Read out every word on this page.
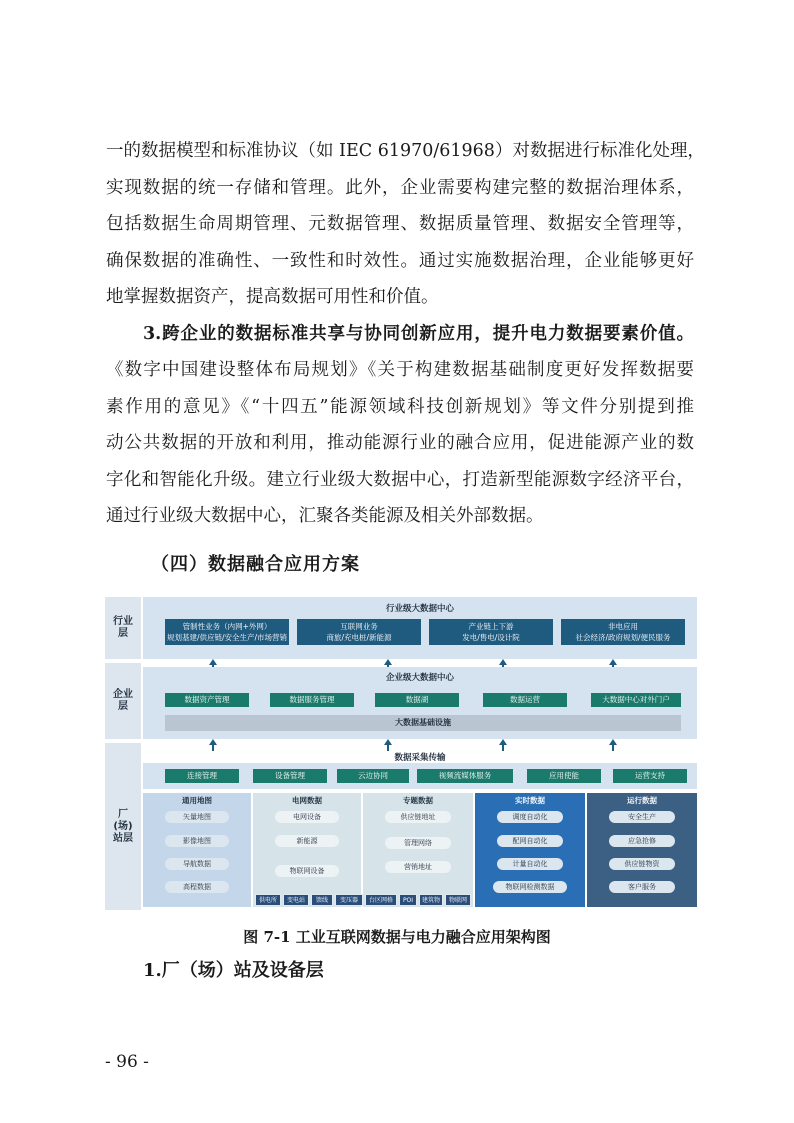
一的数据模型和标准协议（如 IEC 61970/61968）对数据进行标准化处理，
实现数据的统一存储和管理。此外，企业需要构建完整的数据治理体系，
包括数据生命周期管理、元数据管理、数据质量管理、数据安全管理等，
确保数据的准确性、一致性和时效性。通过实施数据治理，企业能够更好
地掌握数据资产，提高数据可用性和价值。
3.跨企业的数据标准共享与协同创新应用，提升电力数据要素价值。
《数字中国建设整体布局规划》《关于构建数据基础制度更好发挥数据要
素作用的意见》《“十四五”能源领域科技创新规划》等文件分别提到推
动公共数据的开放和利用，推动能源行业的融合应用，促进能源产业的数
字化和智能化升级。建立行业级大数据中心，打造新型能源数字经济平台，
通过行业级大数据中心，汇聚各类能源及相关外部数据。
（四）数据融合应用方案
行业
层
企业
层
厂
(场)
站层
行业级大数据中心
管制性业务（内网+外网）
规划基建/供应链/安全生产/市场营销
互联网业务
商旅/充电桩/新能源
产业链上下游
发电/售电/设计院
非电应用
社会经济/政府规划/便民服务
企业级大数据中心
数据资产管理	数据服务管理	数据湖	数据运营	大数据中心对外门户
大数据基础设施
数据采集传输
连接管理	设备管理	云边协同	视频流媒体服务	应用使能	运营支持
通用地图
矢量地图
影像地图
导航数据
高程数据
电网数据
电网设备
新能源
物联网设备
专题数据
供应链地址
管理网络
营销地址
实时数据
调度自动化
配网自动化
计量自动化
物联网检测数据
运行数据
安全生产
应急抢修
供应链物资
客户服务
供电所	变电站	馈线	变压器	台区网格	POI	建筑物	物联网
图 7-1 工业互联网数据与电力融合应用架构图
1.厂（场）站及设备层
- 96 -
